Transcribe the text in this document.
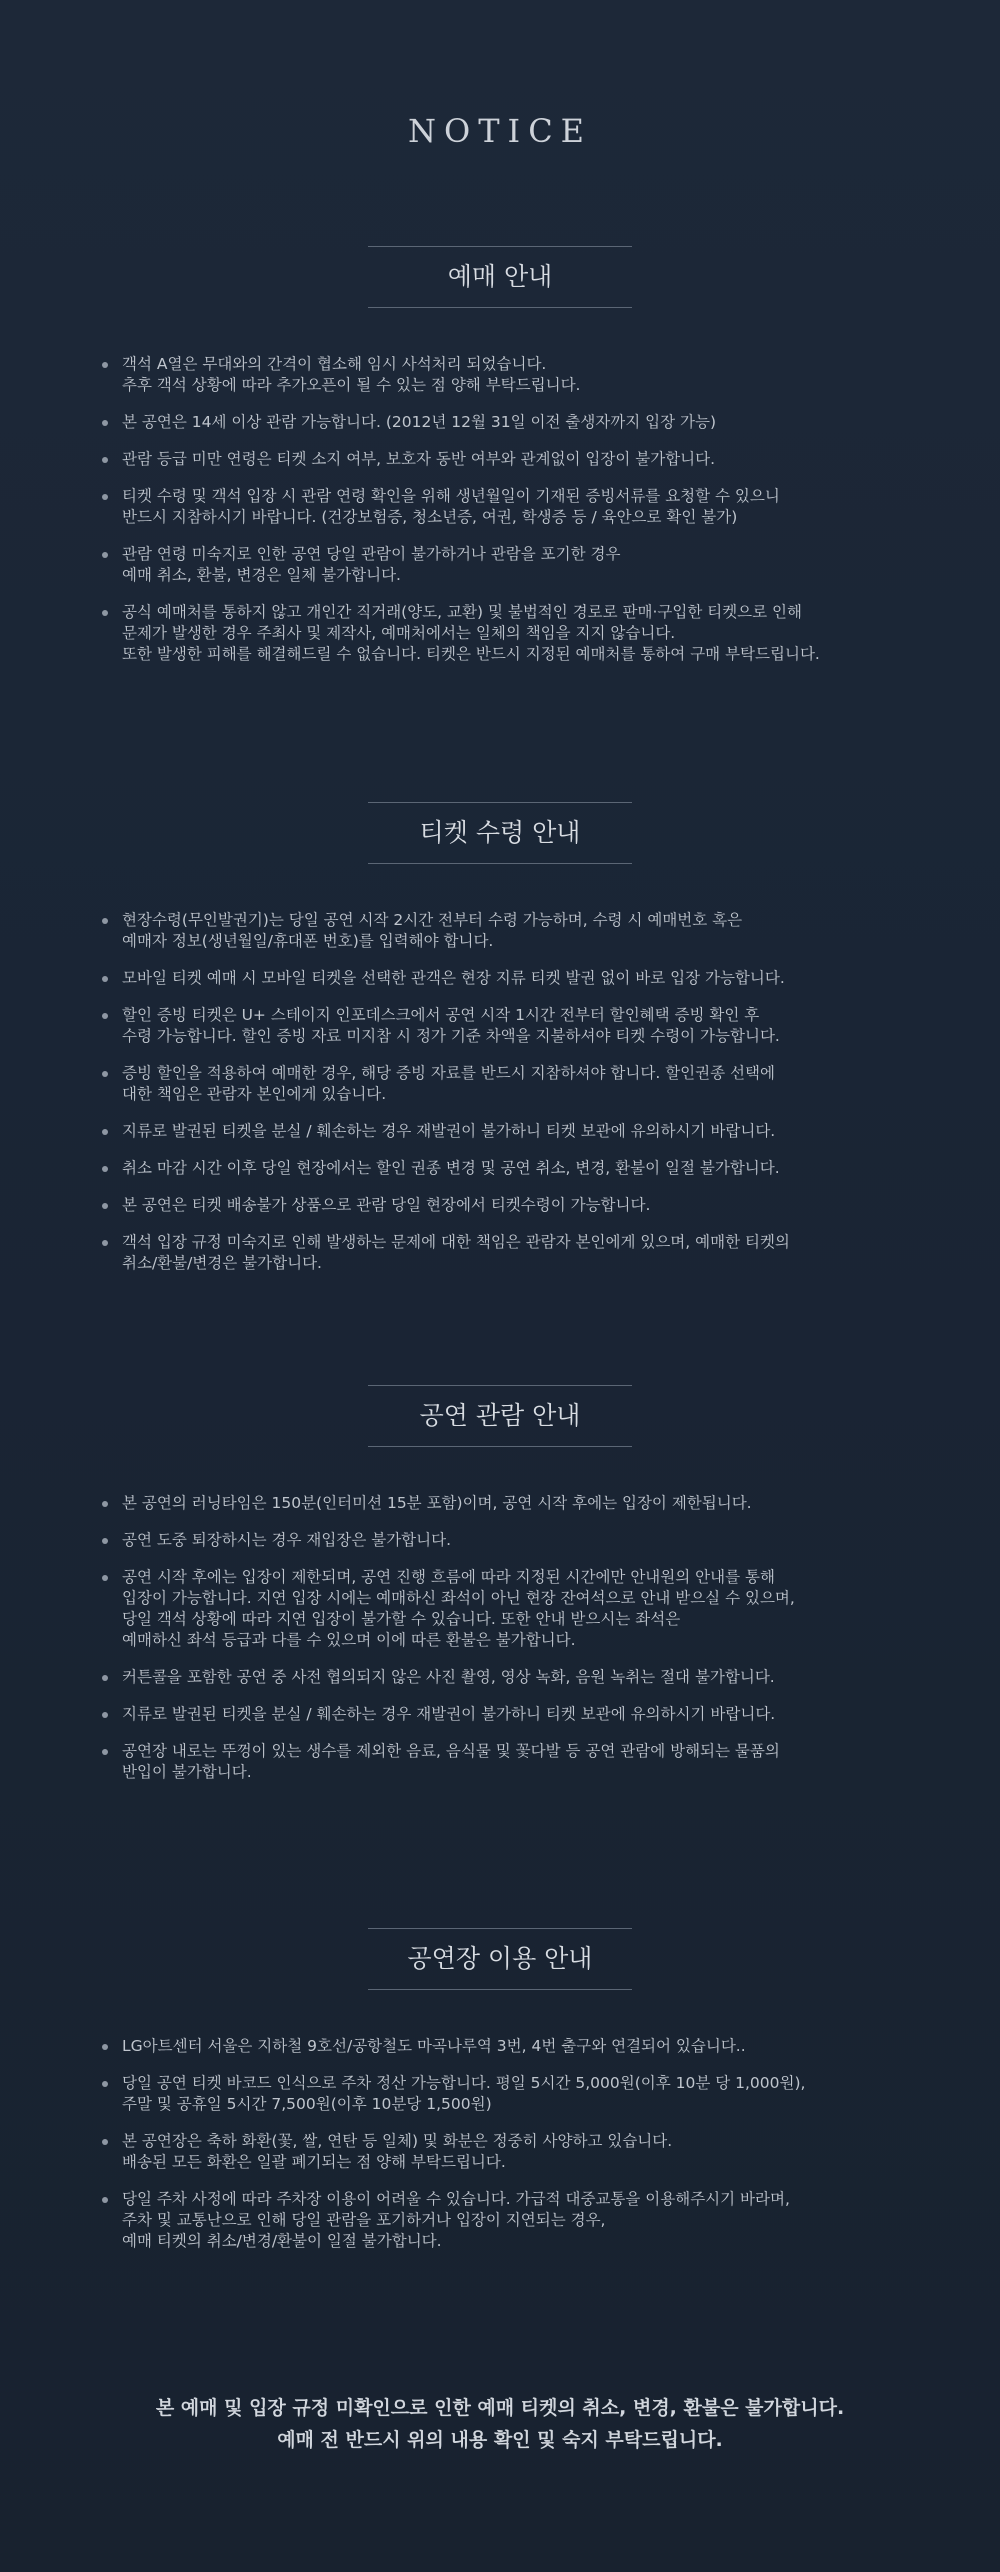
NOTICE
예매 안내
객석 A열은 무대와의 간격이 협소해 임시 사석처리 되었습니다.
추후 객석 상황에 따라 추가오픈이 될 수 있는 점 양해 부탁드립니다.
본 공연은 14세 이상 관람 가능합니다. (2012년 12월 31일 이전 출생자까지 입장 가능)
관람 등급 미만 연령은 티켓 소지 여부, 보호자 동반 여부와 관계없이 입장이 불가합니다.
티켓 수령 및 객석 입장 시 관람 연령 확인을 위해 생년월일이 기재된 증빙서류를 요청할 수 있으니
반드시 지참하시기 바랍니다. (건강보험증, 청소년증, 여권, 학생증 등 / 육안으로 확인 불가)
관람 연령 미숙지로 인한 공연 당일 관람이 불가하거나 관람을 포기한 경우
예매 취소, 환불, 변경은 일체 불가합니다.
공식 예매처를 통하지 않고 개인간 직거래(양도, 교환) 및 불법적인 경로로 판매·구입한 티켓으로 인해
문제가 발생한 경우 주최사 및 제작사, 예매처에서는 일체의 책임을 지지 않습니다.
또한 발생한 피해를 해결해드릴 수 없습니다. 티켓은 반드시 지정된 예매처를 통하여 구매 부탁드립니다.
티켓 수령 안내
현장수령(무인발권기)는 당일 공연 시작 2시간 전부터 수령 가능하며, 수령 시 예매번호 혹은
예매자 정보(생년월일/휴대폰 번호)를 입력해야 합니다.
모바일 티켓 예매 시 모바일 티켓을 선택한 관객은 현장 지류 티켓 발권 없이 바로 입장 가능합니다.
할인 증빙 티켓은 U+ 스테이지 인포데스크에서 공연 시작 1시간 전부터 할인혜택 증빙 확인 후
수령 가능합니다. 할인 증빙 자료 미지참 시 정가 기준 차액을 지불하셔야 티켓 수령이 가능합니다.
증빙 할인을 적용하여 예매한 경우, 해당 증빙 자료를 반드시 지참하셔야 합니다. 할인권종 선택에
대한 책임은 관람자 본인에게 있습니다.
지류로 발권된 티켓을 분실 / 훼손하는 경우 재발권이 불가하니 티켓 보관에 유의하시기 바랍니다.
취소 마감 시간 이후 당일 현장에서는 할인 권종 변경 및 공연 취소, 변경, 환불이 일절 불가합니다.
본 공연은 티켓 배송불가 상품으로 관람 당일 현장에서 티켓수령이 가능합니다.
객석 입장 규정 미숙지로 인해 발생하는 문제에 대한 책임은 관람자 본인에게 있으며, 예매한 티켓의
취소/환불/변경은 불가합니다.
공연 관람 안내
본 공연의 러닝타임은 150분(인터미션 15분 포함)이며, 공연 시작 후에는 입장이 제한됩니다.
공연 도중 퇴장하시는 경우 재입장은 불가합니다.
공연 시작 후에는 입장이 제한되며, 공연 진행 흐름에 따라 지정된 시간에만 안내원의 안내를 통해
입장이 가능합니다. 지연 입장 시에는 예매하신 좌석이 아닌 현장 잔여석으로 안내 받으실 수 있으며,
당일 객석 상황에 따라 지연 입장이 불가할 수 있습니다. 또한 안내 받으시는 좌석은
예매하신 좌석 등급과 다를 수 있으며 이에 따른 환불은 불가합니다.
커튼콜을 포함한 공연 중 사전 협의되지 않은 사진 촬영, 영상 녹화, 음원 녹취는 절대 불가합니다.
지류로 발권된 티켓을 분실 / 훼손하는 경우 재발권이 불가하니 티켓 보관에 유의하시기 바랍니다.
공연장 내로는 뚜껑이 있는 생수를 제외한 음료, 음식물 및 꽃다발 등 공연 관람에 방해되는 물품의
반입이 불가합니다.
공연장 이용 안내
LG아트센터 서울은 지하철 9호선/공항철도 마곡나루역 3번, 4번 출구와 연결되어 있습니다..
당일 공연 티켓 바코드 인식으로 주차 정산 가능합니다. 평일 5시간 5,000원(이후 10분 당 1,000원),
주말 및 공휴일 5시간 7,500원(이후 10분당 1,500원)
본 공연장은 축하 화환(꽃, 쌀, 연탄 등 일체) 및 화분은 정중히 사양하고 있습니다.
배송된 모든 화환은 일괄 폐기되는 점 양해 부탁드립니다.
당일 주차 사정에 따라 주차장 이용이 어려울 수 있습니다. 가급적 대중교통을 이용해주시기 바라며,
주차 및 교통난으로 인해 당일 관람을 포기하거나 입장이 지연되는 경우,
예매 티켓의 취소/변경/환불이 일절 불가합니다.
본 예매 및 입장 규정 미확인으로 인한 예매 티켓의 취소, 변경, 환불은 불가합니다.
예매 전 반드시 위의 내용 확인 및 숙지 부탁드립니다.
